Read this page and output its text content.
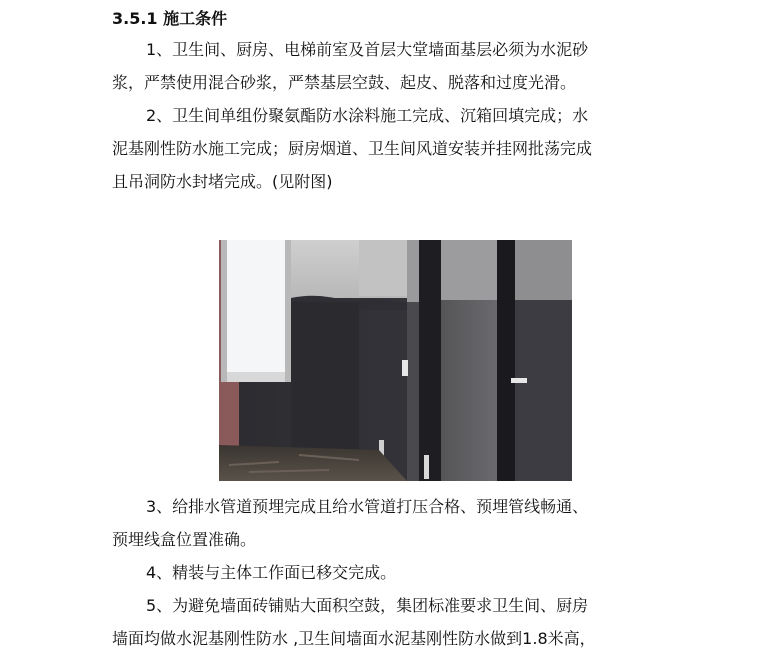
3.5.1 施工条件
1、卫生间、厨房、电梯前室及首层大堂墙面基层必须为水泥砂
浆，严禁使用混合砂浆，严禁基层空鼓、起皮、脱落和过度光滑。
2、卫生间单组份聚氨酯防水涂料施工完成、沉箱回填完成；水
泥基刚性防水施工完成；厨房烟道、卫生间风道安装并挂网批荡完成
且吊洞防水封堵完成。(见附图)
3、给排水管道预埋完成且给水管道打压合格、预埋管线畅通、
预埋线盒位置准确。
4、精装与主体工作面已移交完成。
5、为避免墙面砖铺贴大面积空鼓，集团标准要求卫生间、厨房
墙面均做水泥基刚性防水 ,卫生间墙面水泥基刚性防水做到1.8米高，
